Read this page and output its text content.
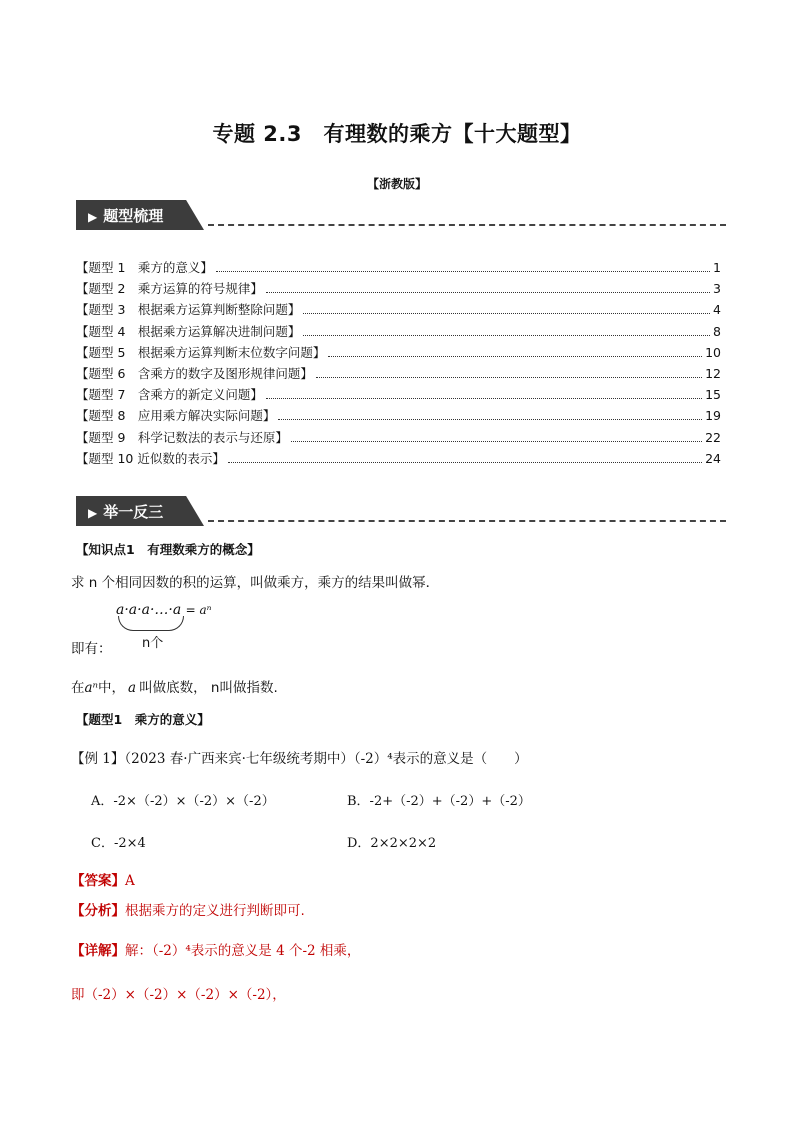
专题 2.3　有理数的乘方【十大题型】
【浙教版】
▶ 题型梳理
【题型 1　乘方的意义】	1
【题型 2　乘方运算的符号规律】	3
【题型 3　根据乘方运算判断整除问题】	4
【题型 4　根据乘方运算解决进制问题】	8
【题型 5　根据乘方运算判断末位数字问题】	10
【题型 6　含乘方的数字及图形规律问题】	12
【题型 7　含乘方的新定义问题】	15
【题型 8　应用乘方解决实际问题】	19
【题型 9　科学记数法的表示与还原】	22
【题型 10 近似数的表示】	24
▶ 举一反三
【知识点1　有理数乘方的概念】
求 n 个相同因数的积的运算，叫做乘方，乘方的结果叫做幂．
a·a·a·…·a = aⁿ
n个
即有：
在aⁿ中， a 叫做底数， n叫做指数.
【题型1　乘方的意义】
【例 1】（2023 春·广西来宾·七年级统考期中）（-2）⁴表示的意义是（　　）
A．-2×（-2）×（-2）×（-2）	B．-2+（-2）+（-2）+（-2）
C．-2×4	D．2×2×2×2
【答案】A
【分析】根据乘方的定义进行判断即可.
【详解】解：（-2）⁴表示的意义是 4 个-2 相乘，
即（-2）×（-2）×（-2）×（-2），
